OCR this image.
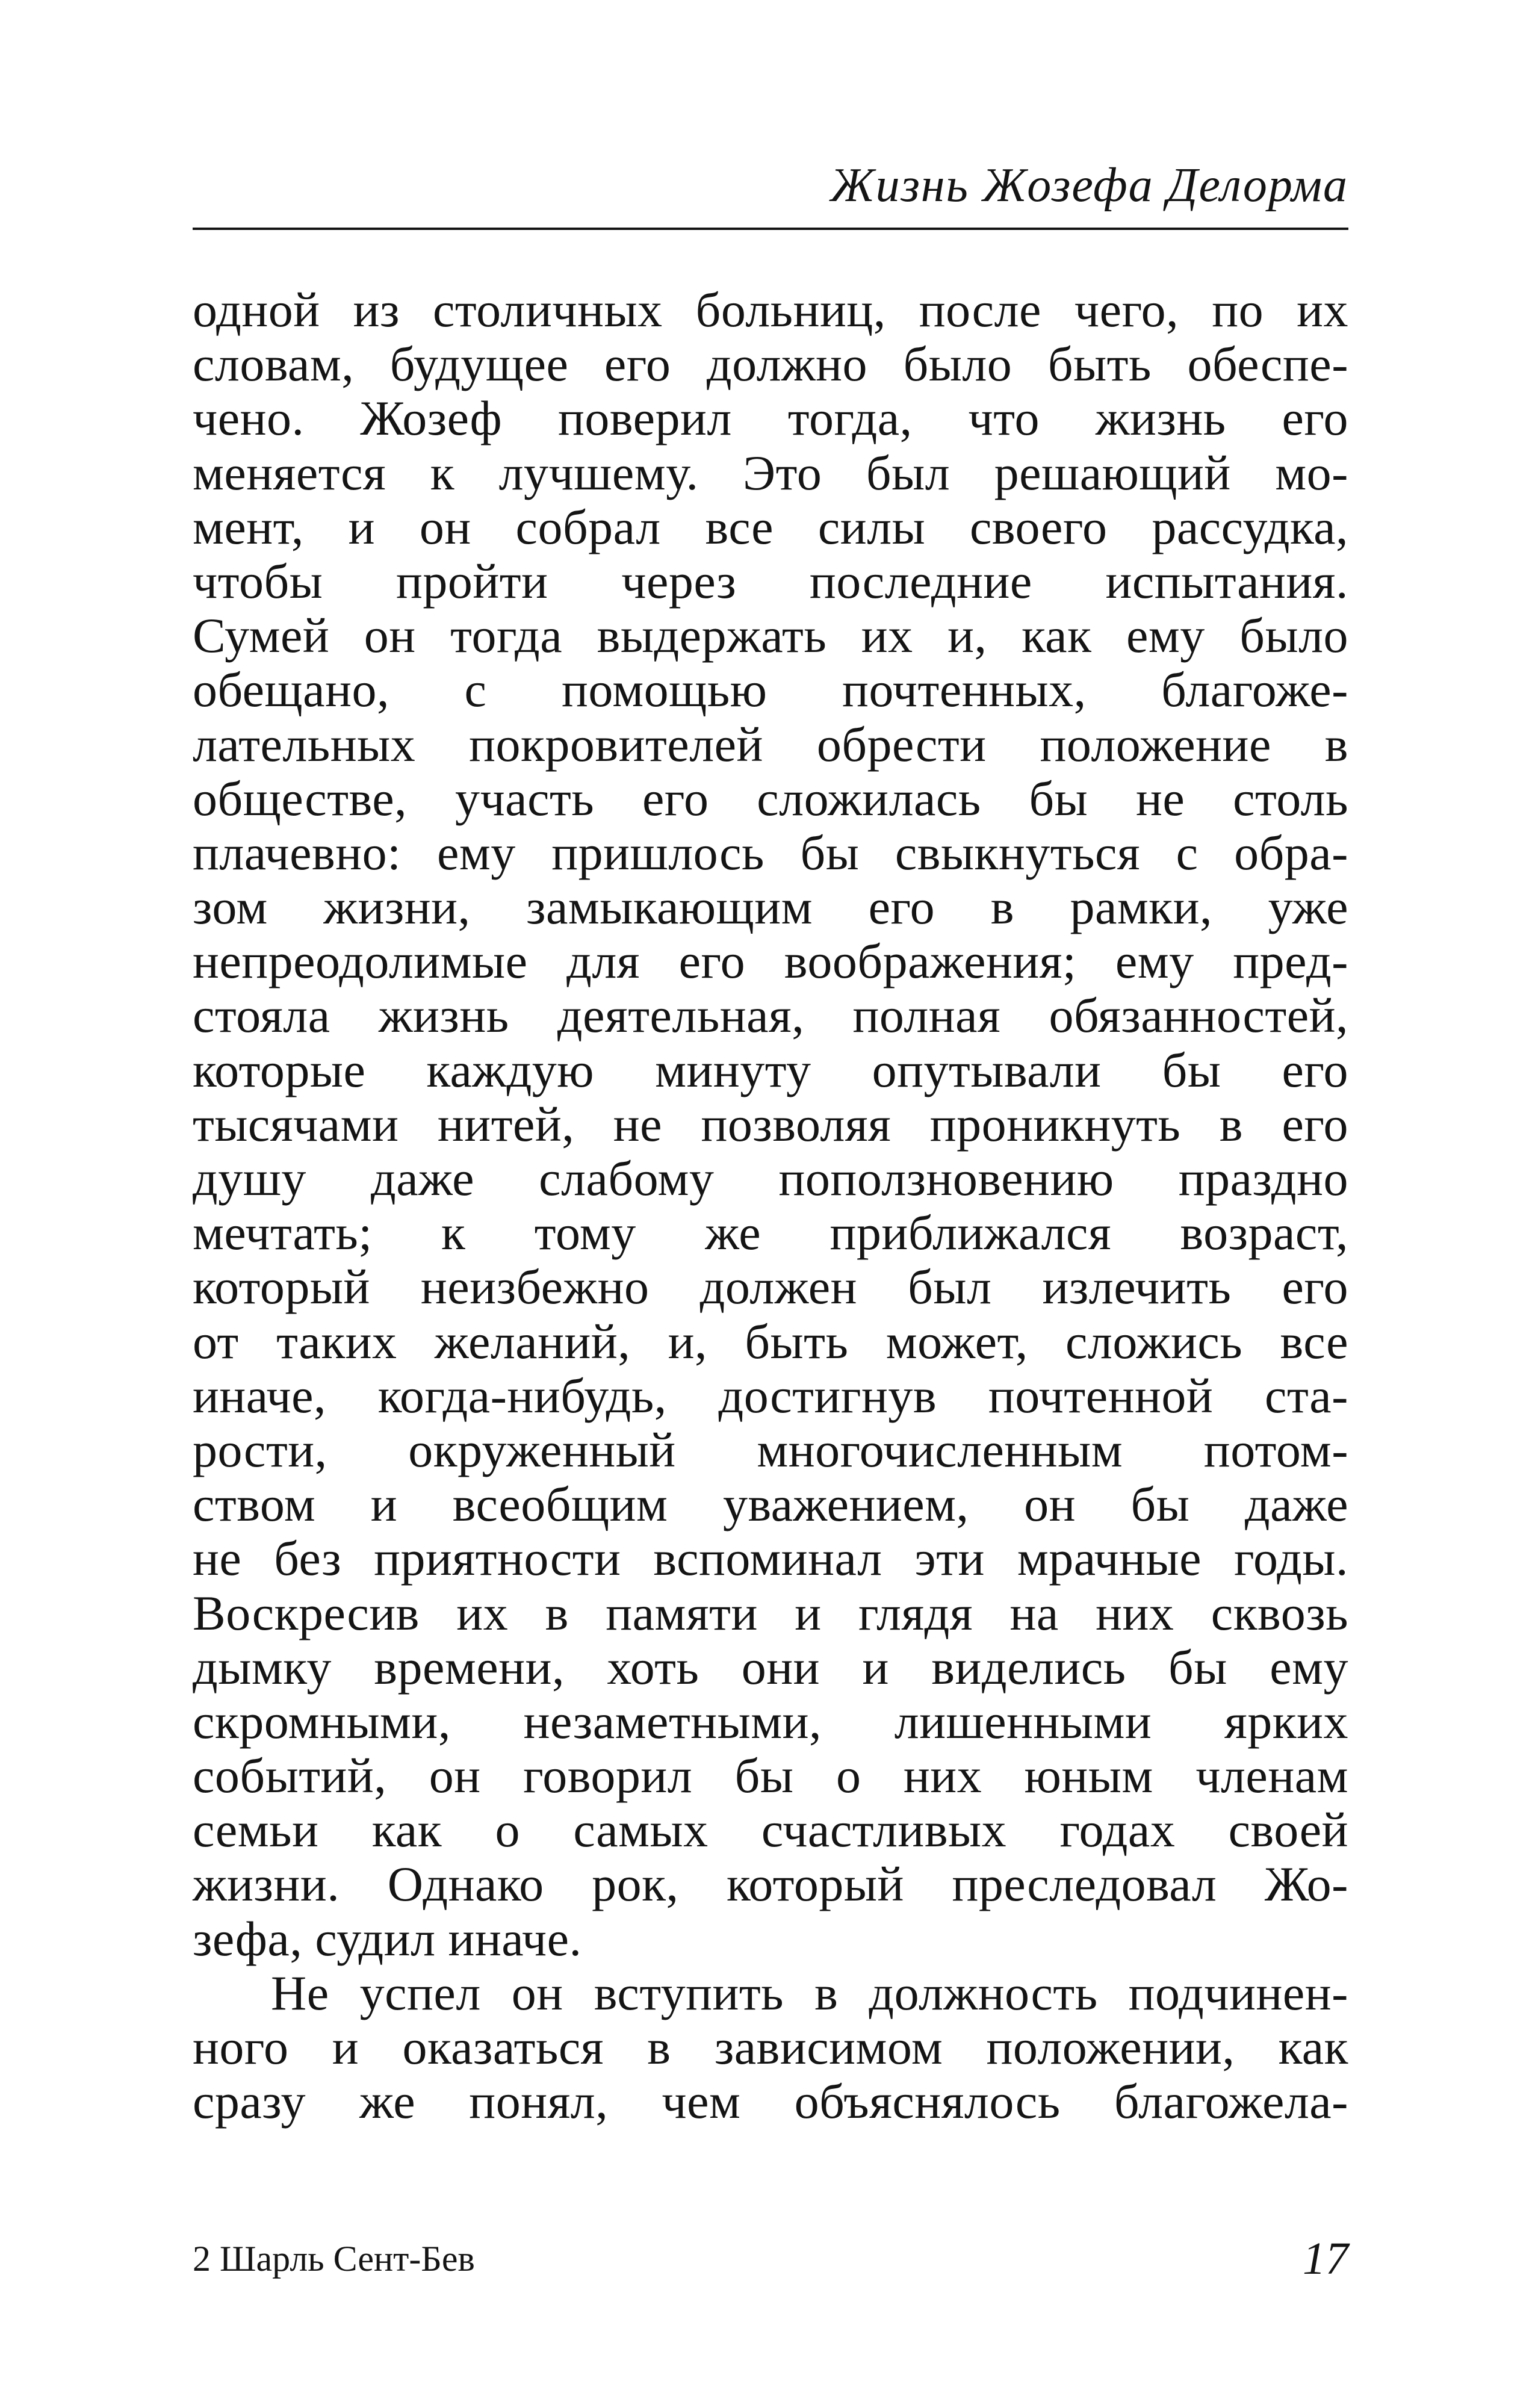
Жизнь Жозефа Делорма
одной из столичных больниц, после чего, по их
словам, будущее его должно было быть обеспе-
чено. Жозеф поверил тогда, что жизнь его
меняется к лучшему. Это был решающий мо-
мент, и он собрал все силы своего рассудка,
чтобы пройти через последние испытания.
Сумей он тогда выдержать их и, как ему было
обещано, с помощью почтенных, благоже-
лательных покровителей обрести положение в
обществе, участь его сложилась бы не столь
плачевно: ему пришлось бы свыкнуться с обра-
зом жизни, замыкающим его в рамки, уже
непреодолимые для его воображения; ему пред-
стояла жизнь деятельная, полная обязанностей,
которые каждую минуту опутывали бы его
тысячами нитей, не позволяя проникнуть в его
душу даже слабому поползновению праздно
мечтать; к тому же приближался возраст,
который неизбежно должен был излечить его
от таких желаний, и, быть может, сложись все
иначе, когда-нибудь, достигнув почтенной ста-
рости, окруженный многочисленным потом-
ством и всеобщим уважением, он бы даже
не без приятности вспоминал эти мрачные годы.
Воскресив их в памяти и глядя на них сквозь
дымку времени, хоть они и виделись бы ему
скромными, незаметными, лишенными ярких
событий, он говорил бы о них юным членам
семьи как о самых счастливых годах своей
жизни. Однако рок, который преследовал Жо-
зефа, судил иначе.
Не успел он вступить в должность подчинен-
ного и оказаться в зависимом положении, как
сразу же понял, чем объяснялось благожела-
2 Шарль Сент-Бев	17
